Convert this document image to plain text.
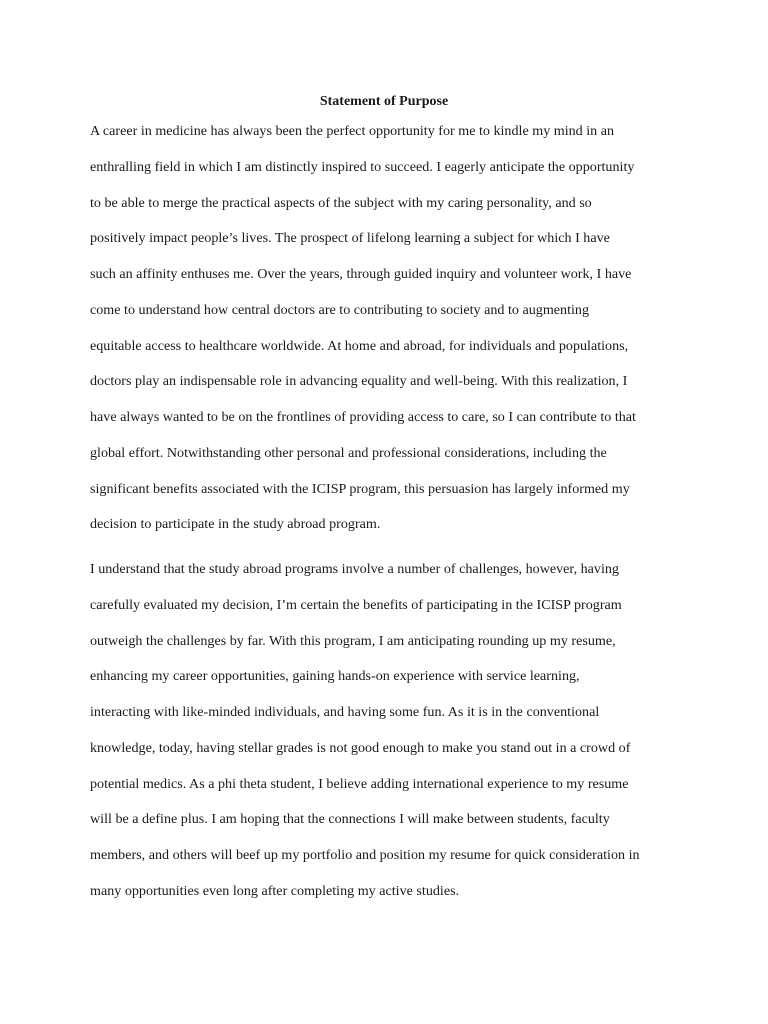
Statement of Purpose

A career in medicine has always been the perfect opportunity for me to kindle my mind in an
enthralling field in which I am distinctly inspired to succeed. I eagerly anticipate the opportunity
to be able to merge the practical aspects of the subject with my caring personality, and so
positively impact people’s lives. The prospect of lifelong learning a subject for which I have
such an affinity enthuses me. Over the years, through guided inquiry and volunteer work, I have
come to understand how central doctors are to contributing to society and to augmenting
equitable access to healthcare worldwide. At home and abroad, for individuals and populations,
doctors play an indispensable role in advancing equality and well-being. With this realization, I
have always wanted to be on the frontlines of providing access to care, so I can contribute to that
global effort. Notwithstanding other personal and professional considerations, including the
significant benefits associated with the ICISP program, this persuasion has largely informed my
decision to participate in the study abroad program.

I understand that the study abroad programs involve a number of challenges, however, having
carefully evaluated my decision, I’m certain the benefits of participating in the ICISP program
outweigh the challenges by far. With this program, I am anticipating rounding up my resume,
enhancing my career opportunities, gaining hands-on experience with service learning,
interacting with like-minded individuals, and having some fun. As it is in the conventional
knowledge, today, having stellar grades is not good enough to make you stand out in a crowd of
potential medics. As a phi theta student, I believe adding international experience to my resume
will be a define plus. I am hoping that the connections I will make between students, faculty
members, and others will beef up my portfolio and position my resume for quick consideration in
many opportunities even long after completing my active studies.
